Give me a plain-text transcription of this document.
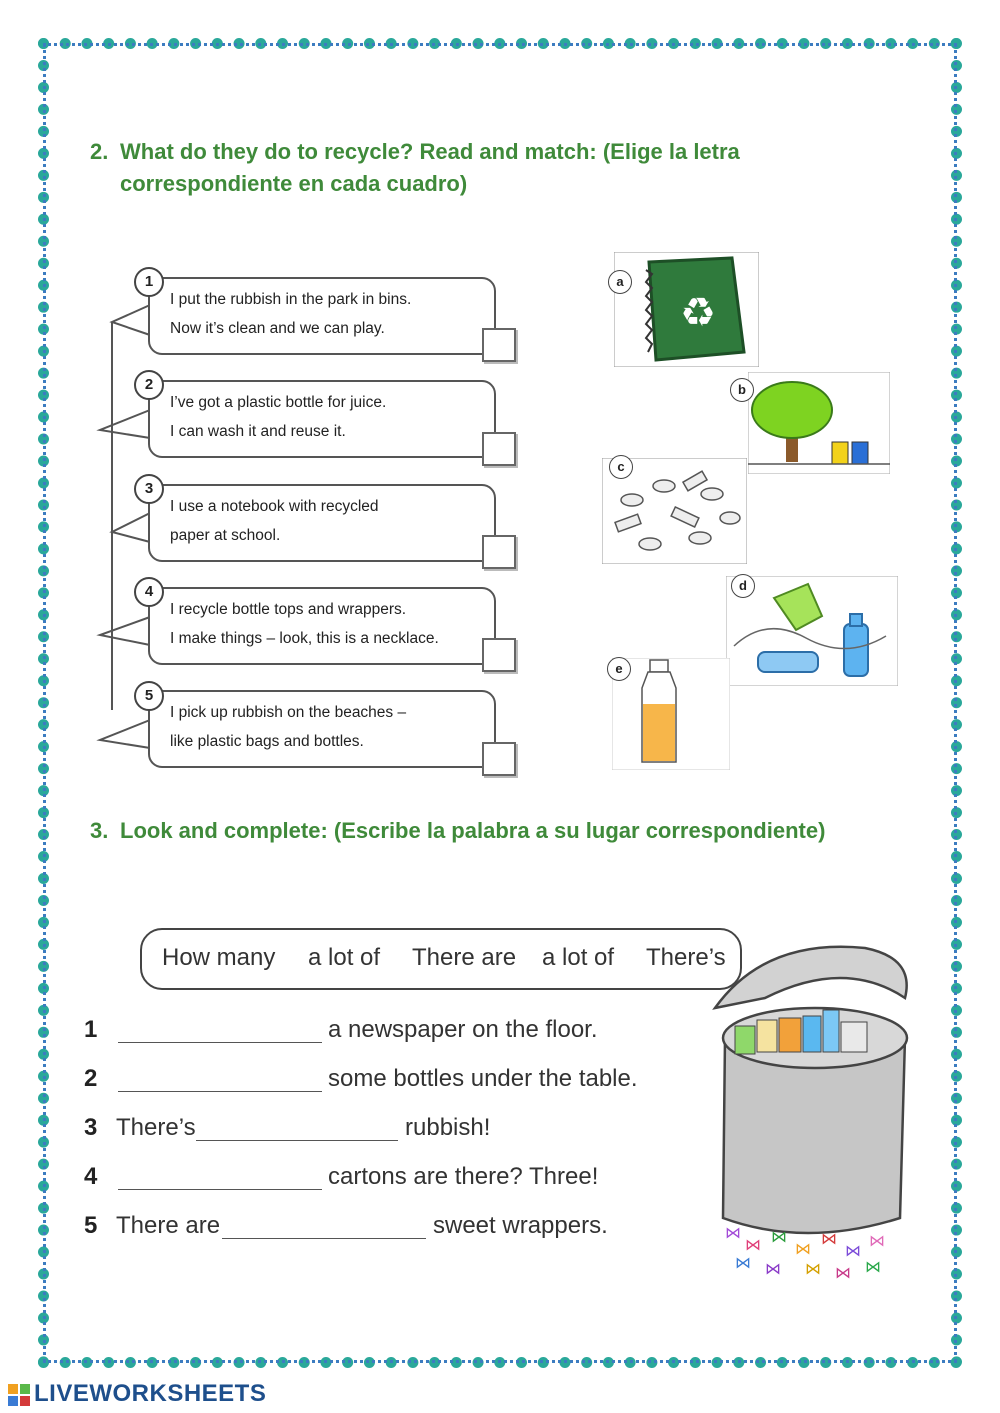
2. What do they do to recycle? Read and match: (Elige la letra
correspondiente en cada cuadro)
I put the rubbish in the park in bins.
Now it’s clean and we can play.
1
I’ve got a plastic bottle for juice.
I can wash it and reuse it.
2
I use a notebook with recycled
paper at school.
3
I recycle bottle tops and wrappers.
I make things – look, this is a necklace.
4
I pick up rubbish on the beaches –
like plastic bags and bottles.
5
♻
a
b
c
d
e
3. Look and complete: (Escribe la palabra a su lugar correspondiente)
How many a lot of There are a lot of There’s
1	a newspaper on the floor.
2	some bottles under the table.
3 There’s	rubbish!
4	cartons are there? Three!
5 There are	sweet wrappers.	⋈
⋈ ⋈
⋈
⋈
⋈
⋈
⋈ ⋈ ⋈ ⋈ ⋈
LIVEWORKSHEETS
